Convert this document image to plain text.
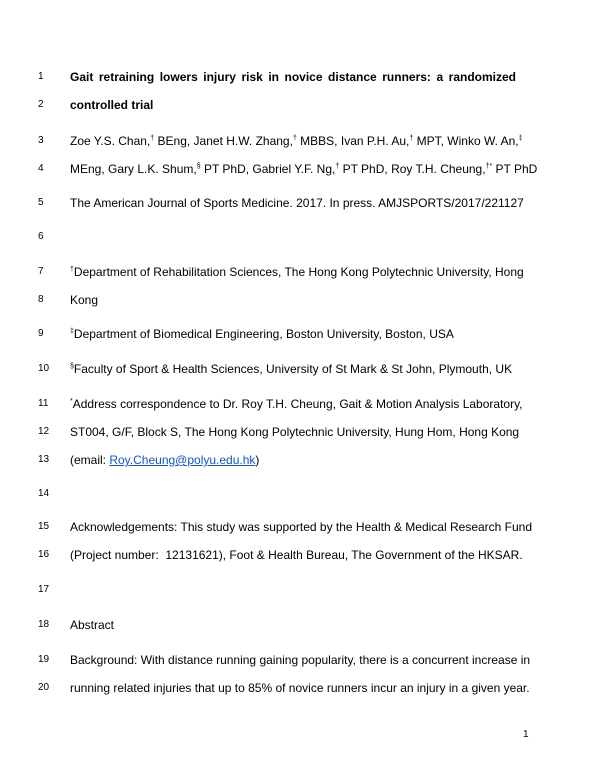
1
2
3
4
5
6
7
8
9
10
11
12
13
14
15
16
17
18
19
20
Gait retraining lowers injury risk in novice distance runners: a randomized
controlled trial
Zoe Y.S. Chan,† BEng, Janet H.W. Zhang,† MBBS, Ivan P.H. Au,† MPT, Winko W. An,‡
MEng, Gary L.K. Shum,§ PT PhD, Gabriel Y.F. Ng,† PT PhD, Roy T.H. Cheung,†* PT PhD
The American Journal of Sports Medicine. 2017. In press. AMJSPORTS/2017/221127
†Department of Rehabilitation Sciences, The Hong Kong Polytechnic University, Hong
Kong
‡Department of Biomedical Engineering, Boston University, Boston, USA
§Faculty of Sport & Health Sciences, University of St Mark & St John, Plymouth, UK
*Address correspondence to Dr. Roy T.H. Cheung, Gait & Motion Analysis Laboratory,
ST004, G/F, Block S, The Hong Kong Polytechnic University, Hung Hom, Hong Kong
(email: Roy.Cheung@polyu.edu.hk)
Acknowledgements: This study was supported by the Health & Medical Research Fund
(Project number:  12131621), Foot & Health Bureau, The Government of the HKSAR.
Abstract
Background: With distance running gaining popularity, there is a concurrent increase in
running related injuries that up to 85% of novice runners incur an injury in a given year.
1
